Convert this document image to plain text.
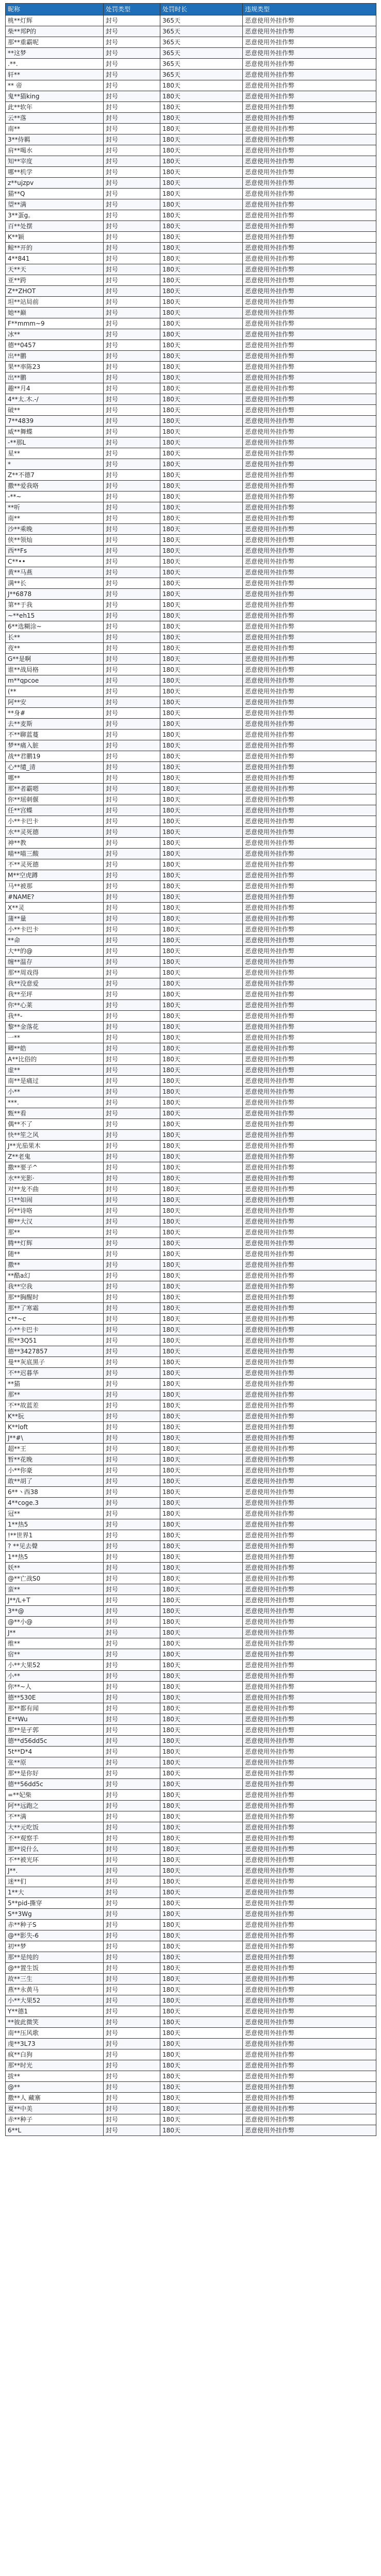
昵称	处罚类型	处罚时长	违规类型
桃**灯辉	封号	365天	恶意使用外挂作弊
柴**邦P的	封号	365天	恶意使用外挂作弊
那**重霸呢	封号	365天	恶意使用外挂作弊
**这梦	封号	365天	恶意使用外挂作弊
.**.	封号	365天	恶意使用外挂作弊
轩**	封号	365天	恶意使用外挂作弊
** 帝	封号	180天	恶意使用外挂作弊
鬼**猫king	封号	180天	恶意使用外挂作弊
此**软年	封号	180天	恶意使用外挂作弊
云**落	封号	180天	恶意使用外挂作弊
南**	封号	180天	恶意使用外挂作弊
3**侍羁	封号	180天	恶意使用外挂作弊
肩**喝水	封号	180天	恶意使用外挂作弊
知**宰度	封号	180天	恶意使用外挂作弊
哪**机学	封号	180天	恶意使用外挂作弊
z**ujzpv	封号	180天	恶意使用外挂作弊
猫**Q	封号	180天	恶意使用外挂作弊
望**满	封号	180天	恶意使用外挂作弊
3**蛋g。	封号	180天	恶意使用外挂作弊
百**处摆	封号	180天	恶意使用外挂作弊
K**颖	封号	180天	恶意使用外挂作弊
鲸**开的	封号	180天	恶意使用外挂作弊
4**841	封号	180天	恶意使用外挂作弊
天**天	封号	180天	恶意使用外挂作弊
亚**跨	封号	180天	恶意使用外挂作弊
Z**ZHOT	封号	180天	恶意使用外挂作弊
坦**站局前	封号	180天	恶意使用外挂作弊
她**巅	封号	180天	恶意使用外挂作弊
F**mmm~9	封号	180天	恶意使用外挂作弊
冰**	封号	180天	恶意使用外挂作弊
德**0457	封号	180天	恶意使用外挂作弊
出**鹏	封号	180天	恶意使用外挂作弊
果**率陈23	封号	180天	恶意使用外挂作弊
出**鹏	封号	180天	恶意使用外挂作弊
趣**月4	封号	180天	恶意使用外挂作弊
4**太.木.-/	封号	180天	恶意使用外挂作弊
破**	封号	180天	恶意使用外挂作弊
7**4839	封号	180天	恶意使用外挂作弊
威**舞蝶	封号	180天	恶意使用外挂作弊
-**那L	封号	180天	恶意使用外挂作弊
星**	封号	180天	恶意使用外挂作弊
*	封号	180天	恶意使用外挂作弊
Z**不德7	封号	180天	恶意使用外挂作弊
撒**爱我咯	封号	180天	恶意使用外挂作弊
-**~	封号	180天	恶意使用外挂作弊
**听	封号	180天	恶意使用外挂作弊
南**	封号	180天	恶意使用外挂作弊
沙**乘晚	封号	180天	恶意使用外挂作弊
侠**领灿	封号	180天	恶意使用外挂作弊
西**Fs	封号	180天	恶意使用外挂作弊
C**••	封号	180天	恶意使用外挂作弊
黄**马燕	封号	180天	恶意使用外挂作弊
满**长	封号	180天	恶意使用外挂作弊
J**6878	封号	180天	恶意使用外挂作弊
第**于我	封号	180天	恶意使用外挂作弊
~**eh15	封号	180天	恶意使用外挂作弊
6**选糊涂~	封号	180天	恶意使用外挂作弊
长**	封号	180天	恶意使用外挂作弊
夜**	封号	180天	恶意使用外挂作弊
G**是啊	封号	180天	恶意使用外挂作弊
谁**战局格	封号	180天	恶意使用外挂作弊
m**qpcoe	封号	180天	恶意使用外挂作弊
(**	封号	180天	恶意使用外挂作弊
阿**安	封号	180天	恶意使用外挂作弊
**身#	封号	180天	恶意使用外挂作弊
去**麦斯	封号	180天	恶意使用外挂作弊
不**聊蓝蔓	封号	180天	恶意使用外挂作弊
梦**痛入脏	封号	180天	恶意使用外挂作弊
战**君鹏19	封号	180天	恶意使用外挂作弊
心**缱_清	封号	180天	恶意使用外挂作弊
哪**	封号	180天	恶意使用外挂作弊
那**者霸嗯	封号	180天	恶意使用外挂作弊
你**瑶刺偃	封号	180天	恶意使用外挂作弊
任**宫蝶	封号	180天	恶意使用外挂作弊
小**卡巴卡	封号	180天	恶意使用外挂作弊
水**灵死德	封号	180天	恶意使用外挂作弊
神**教	封号	180天	恶意使用外挂作弊
喵**喵三酸	封号	180天	恶意使用外挂作弊
不**灵死德	封号	180天	恶意使用外挂作弊
M**空虎蹲	封号	180天	恶意使用外挂作弊
马**被那	封号	180天	恶意使用外挂作弊
#NAME?	封号	180天	恶意使用外挂作弊
X**灵	封号	180天	恶意使用外挂作弊
蒲**量	封号	180天	恶意使用外挂作弊
小**卡巴卡	封号	180天	恶意使用外挂作弊
**命	封号	180天	恶意使用外挂作弊
大**的@	封号	180天	恶意使用外挂作弊
缠**温存	封号	180天	恶意使用外挂作弊
那**周戏得	封号	180天	恶意使用外挂作弊
我**没意爱	封号	180天	恶意使用外挂作弊
我**至坪	封号	180天	恶意使用外挂作弊
你**心莱	封号	180天	恶意使用外挂作弊
我**-	封号	180天	恶意使用外挂作弊
黎**金落花	封号	180天	恶意使用外挂作弊
一**	封号	180天	恶意使用外挂作弊
卿**皓	封号	180天	恶意使用外挂作弊
A**比俗的	封号	180天	恶意使用外挂作弊
虚**	封号	180天	恶意使用外挂作弊
南**是痛过	封号	180天	恶意使用外挂作弊
小**	封号	180天	恶意使用外挂作弊
***.	封号	180天	恶意使用外挂作弊
甄**看	封号	180天	恶意使用外挂作弊
偶**不了	封号	180天	恶意使用外挂作弊
快**笙之风	封号	180天	恶意使用外挂作弊
J**光茄果木	封号	180天	恶意使用外挂作弊
Z**老鬼	封号	180天	恶意使用外挂作弊
撒**要子^	封号	180天	恶意使用外挂作弊
水**光影·	封号	180天	恶意使用外挂作弊
对**龙不曲	封号	180天	恶意使用外挂作弊
只**如闹	封号	180天	恶意使用外挂作弊
阿**诗咯	封号	180天	恶意使用外挂作弊
柳**大汉	封号	180天	恶意使用外挂作弊
那**	封号	180天	恶意使用外挂作弊
腾**灯辉	封号	180天	恶意使用外挂作弊
随**	封号	180天	恶意使用外挂作弊
撒**	封号	180天	恶意使用外挂作弊
**酷a幻	封号	180天	恶意使用外挂作弊
我**空我	封号	180天	恶意使用外挂作弊
那**胸醒时	封号	180天	恶意使用外挂作弊
那**了寒霜	封号	180天	恶意使用外挂作弊
c**~c	封号	180天	恶意使用外挂作弊
小**卡巴卡	封号	180天	恶意使用外挂作弊
熙**3Q51	封号	180天	恶意使用外挂作弊
德**3427857	封号	180天	恶意使用外挂作弊
曼**灰底黑子	封号	180天	恶意使用外挂作弊
不**迟暮华	封号	180天	恶意使用外挂作弊
**猫	封号	180天	恶意使用外挂作弊
那**	封号	180天	恶意使用外挂作弊
不**故蓝差	封号	180天	恶意使用外挂作弊
K**䏓	封号	180天	恶意使用外挂作弊
K**loft	封号	180天	恶意使用外挂作弊
J**#\	封号	180天	恶意使用外挂作弊
超**王	封号	180天	恶意使用外挂作弊
暂**花晚	封号	180天	恶意使用外挂作弊
小**你豪	封号	180天	恶意使用外挂作弊
敢**胡了	封号	180天	恶意使用外挂作弊
6**丶西38	封号	180天	恶意使用外挂作弊
4**coge.3	封号	180天	恶意使用外挂作弊
冠**	封号	180天	恶意使用外挂作弊
1**热5	封号	180天	恶意使用外挂作弊
!**世界1	封号	180天	恶意使用外挂作弊
? **见去聲	封号	180天	恶意使用外挂作弊
1**热5	封号	180天	恶意使用外挂作弊
妖**	封号	180天	恶意使用外挂作弊
@**亡战S0	封号	180天	恶意使用外挂作弊
蛮**	封号	180天	恶意使用外挂作弊
J**/L+T	封号	180天	恶意使用外挂作弊
3**@	封号	180天	恶意使用外挂作弊
@**小@	封号	180天	恶意使用外挂作弊
J**	封号	180天	恶意使用外挂作弊
维**	封号	180天	恶意使用外挂作弊
宿**	封号	180天	恶意使用外挂作弊
小**大果52	封号	180天	恶意使用外挂作弊
小**	封号	180天	恶意使用外挂作弊
你**~人	封号	180天	恶意使用外挂作弊
德**530E	封号	180天	恶意使用外挂作弊
那**都有闻	封号	180天	恶意使用外挂作弊
E**Wu	封号	180天	恶意使用外挂作弊
那**是孑郭	封号	180天	恶意使用外挂作弊
德**d56dd5c	封号	180天	恶意使用外挂作弊
5t**D*4	封号	180天	恶意使用外挂作弊
张**原	封号	180天	恶意使用外挂作弊
那**是你好	封号	180天	恶意使用外挂作弊
德**56dd5c	封号	180天	恶意使用外挂作弊
=**妃柴	封号	180天	恶意使用外挂作弊
阿**远跑之	封号	180天	恶意使用外挂作弊
不**满	封号	180天	恶意使用外挂作弊
大**元吃饭	封号	180天	恶意使用外挂作弊
不**观察手	封号	180天	恶意使用外挂作弊
那**说什么	封号	180天	恶意使用外挂作弊
不**被光环	封号	180天	恶意使用外挂作弊
J**.	封号	180天	恶意使用外挂作弊
迷**们	封号	180天	恶意使用外挂作弊
1**大	封号	180天	恶意使用外挂作弊
5**pid-撕穿	封号	180天	恶意使用外挂作弊
S**3Wg	封号	180天	恶意使用外挂作弊
赤**种子S	封号	180天	恶意使用外挂作弊
@**影失-6	封号	180天	恶意使用外挂作弊
初**梦	封号	180天	恶意使用外挂作弊
那**是纯的	封号	180天	恶意使用外挂作弊
@**置生饭	封号	180天	恶意使用外挂作弊
故**三生	封号	180天	恶意使用外挂作弊
燕**永黄马	封号	180天	恶意使用外挂作弊
小**大果52	封号	180天	恶意使用外挂作弊
Y**德1	封号	180天	恶意使用外挂作弊
**彼此微笑	封号	180天	恶意使用外挂作弊
南**压风歌	封号	180天	恶意使用外挂作弊
虔**3L73	封号	180天	恶意使用外挂作弊
疯**白狗	封号	180天	恶意使用外挂作弊
那**时光	封号	180天	恶意使用外挂作弊
拔**	封号	180天	恶意使用外挂作弊
@**	封号	180天	恶意使用外挂作弊
撒**人 藏寨	封号	180天	恶意使用外挂作弊
夏**中美	封号	180天	恶意使用外挂作弊
赤**种子	封号	180天	恶意使用外挂作弊
6**L	封号	180天	恶意使用外挂作弊
